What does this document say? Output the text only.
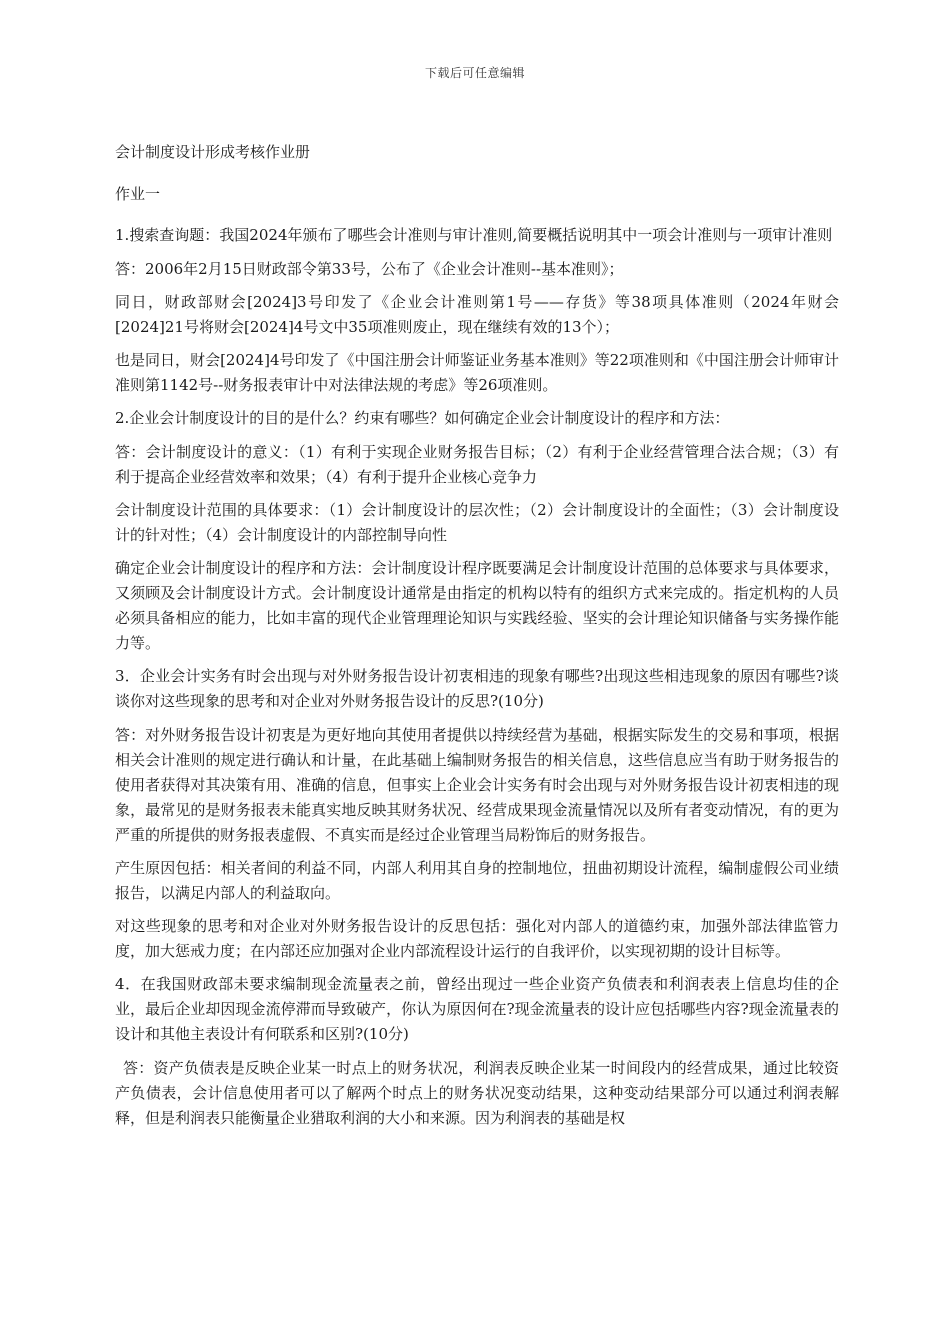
下载后可任意编辑

会计制度设计形成考核作业册

作业一

1.搜索查询题：我国2024年颁布了哪些会计准则与审计准则,简要概括说明其中一项会计准则与一项审计准则

答：2006年2月15日财政部令第33号，公布了《企业会计准则--基本准则》；

同日，财政部财会[2024]3号印发了《企业会计准则第1号——存货》等38项具体准则（2024年财会[2024]21号将财会[2024]4号文中35项准则废止，现在继续有效的13个）；

也是同日，财会[2024]4号印发了《中国注册会计师鉴证业务基本准则》等22项准则和《中国注册会计师审计准则第1142号--财务报表审计中对法律法规的考虑》等26项准则。

2.企业会计制度设计的目的是什么？约束有哪些？如何确定企业会计制度设计的程序和方法：

答：会计制度设计的意义：（1）有利于实现企业财务报告目标；（2）有利于企业经营管理合法合规；（3）有利于提高企业经营效率和效果；（4）有利于提升企业核心竞争力

会计制度设计范围的具体要求：（1）会计制度设计的层次性；（2）会计制度设计的全面性；（3）会计制度设计的针对性；（4）会计制度设计的内部控制导向性

确定企业会计制度设计的程序和方法：会计制度设计程序既要满足会计制度设计范围的总体要求与具体要求，又须顾及会计制度设计方式。会计制度设计通常是由指定的机构以特有的组织方式来完成的。指定机构的人员必须具备相应的能力，比如丰富的现代企业管理理论知识与实践经验、坚实的会计理论知识储备与实务操作能力等。

3．企业会计实务有时会出现与对外财务报告设计初衷相违的现象有哪些?出现这些相违现象的原因有哪些?谈谈你对这些现象的思考和对企业对外财务报告设计的反思?(10分)

答：对外财务报告设计初衷是为更好地向其使用者提供以持续经营为基础，根据实际发生的交易和事项，根据相关会计准则的规定进行确认和计量，在此基础上编制财务报告的相关信息，这些信息应当有助于财务报告的使用者获得对其决策有用、准确的信息，但事实上企业会计实务有时会出现与对外财务报告设计初衷相违的现象，最常见的是财务报表未能真实地反映其财务状况、经营成果现金流量情况以及所有者变动情况，有的更为严重的所提供的财务报表虚假、不真实而是经过企业管理当局粉饰后的财务报告。

产生原因包括：相关者间的利益不同，内部人利用其自身的控制地位，扭曲初期设计流程，编制虚假公司业绩报告，以满足内部人的利益取向。

对这些现象的思考和对企业对外财务报告设计的反思包括：强化对内部人的道德约束，加强外部法律监管力度，加大惩戒力度；在内部还应加强对企业内部流程设计运行的自我评价，以实现初期的设计目标等。

4．在我国财政部未要求编制现金流量表之前，曾经出现过一些企业资产负债表和利润表表上信息均佳的企业，最后企业却因现金流停滞而导致破产，你认为原因何在?现金流量表的设计应包括哪些内容?现金流量表的设计和其他主表设计有何联系和区别?(10分)

答：资产负债表是反映企业某一时点上的财务状况，利润表反映企业某一时间段内的经营成果，通过比较资产负债表，会计信息使用者可以了解两个时点上的财务状况变动结果，这种变动结果部分可以通过利润表解释，但是利润表只能衡量企业猎取利润的大小和来源。因为利润表的基础是权
